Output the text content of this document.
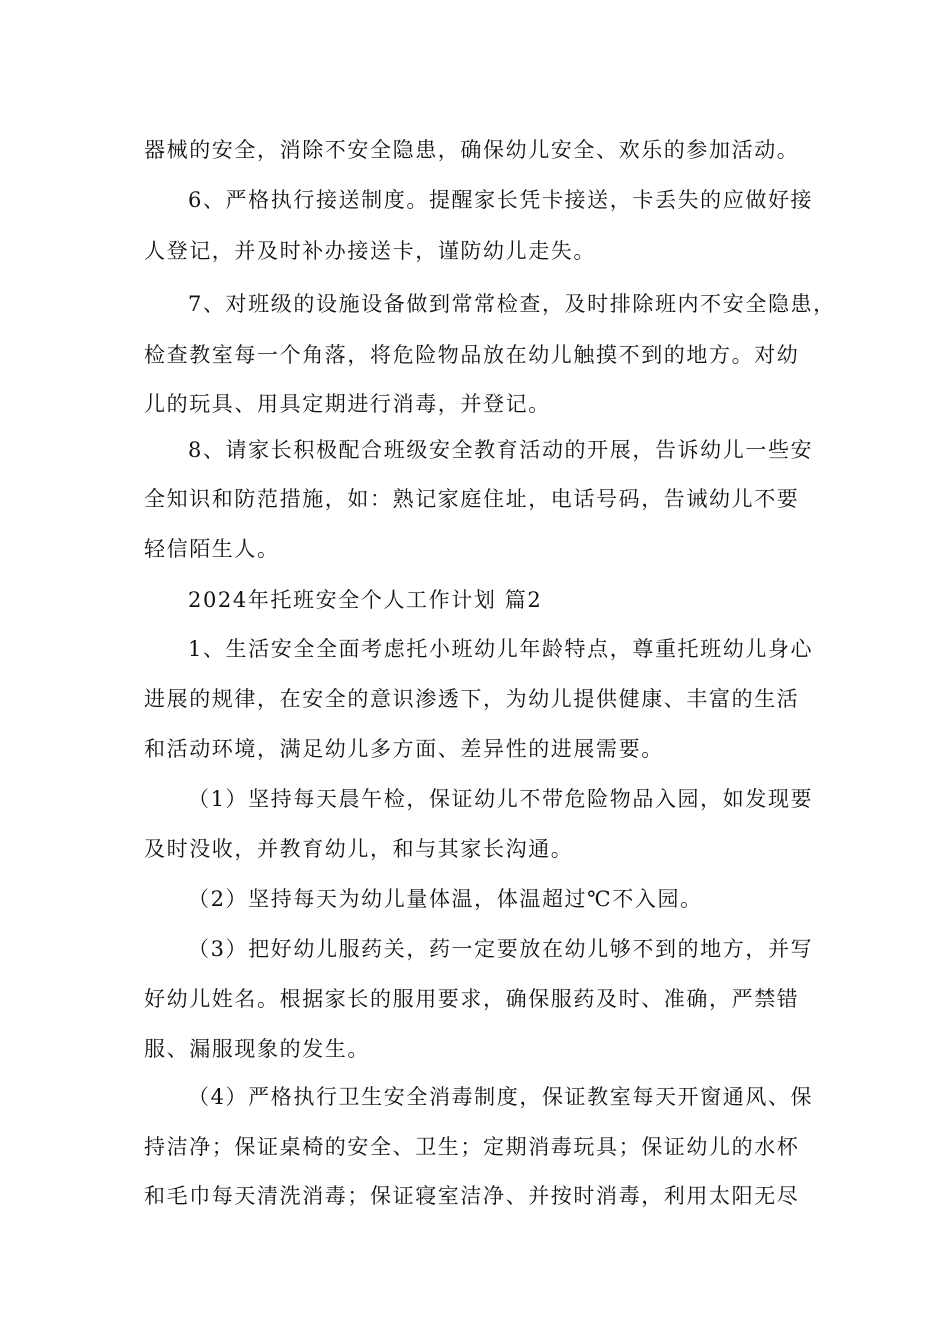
器械的安全，消除不安全隐患，确保幼儿安全、欢乐的参加活动。
6、严格执行接送制度。提醒家长凭卡接送，卡丢失的应做好接
人登记，并及时补办接送卡，谨防幼儿走失。
7、对班级的设施设备做到常常检查，及时排除班内不安全隐患，
检查教室每一个角落，将危险物品放在幼儿触摸不到的地方。对幼
儿的玩具、用具定期进行消毒，并登记。
8、请家长积极配合班级安全教育活动的开展，告诉幼儿一些安
全知识和防范措施，如：熟记家庭住址，电话号码，告诫幼儿不要
轻信陌生人。
2024年托班安全个人工作计划 篇2
1、生活安全全面考虑托小班幼儿年龄特点，尊重托班幼儿身心
进展的规律，在安全的意识渗透下，为幼儿提供健康、丰富的生活
和活动环境，满足幼儿多方面、差异性的进展需要。
（1）坚持每天晨午检，保证幼儿不带危险物品入园，如发现要
及时没收，并教育幼儿，和与其家长沟通。
（2）坚持每天为幼儿量体温，体温超过℃不入园。
（3）把好幼儿服药关，药一定要放在幼儿够不到的地方，并写
好幼儿姓名。根据家长的服用要求，确保服药及时、准确，严禁错
服、漏服现象的发生。
（4）严格执行卫生安全消毒制度，保证教室每天开窗通风、保
持洁净；保证桌椅的安全、卫生；定期消毒玩具；保证幼儿的水杯
和毛巾每天清洗消毒；保证寝室洁净、并按时消毒，利用太阳无尽
